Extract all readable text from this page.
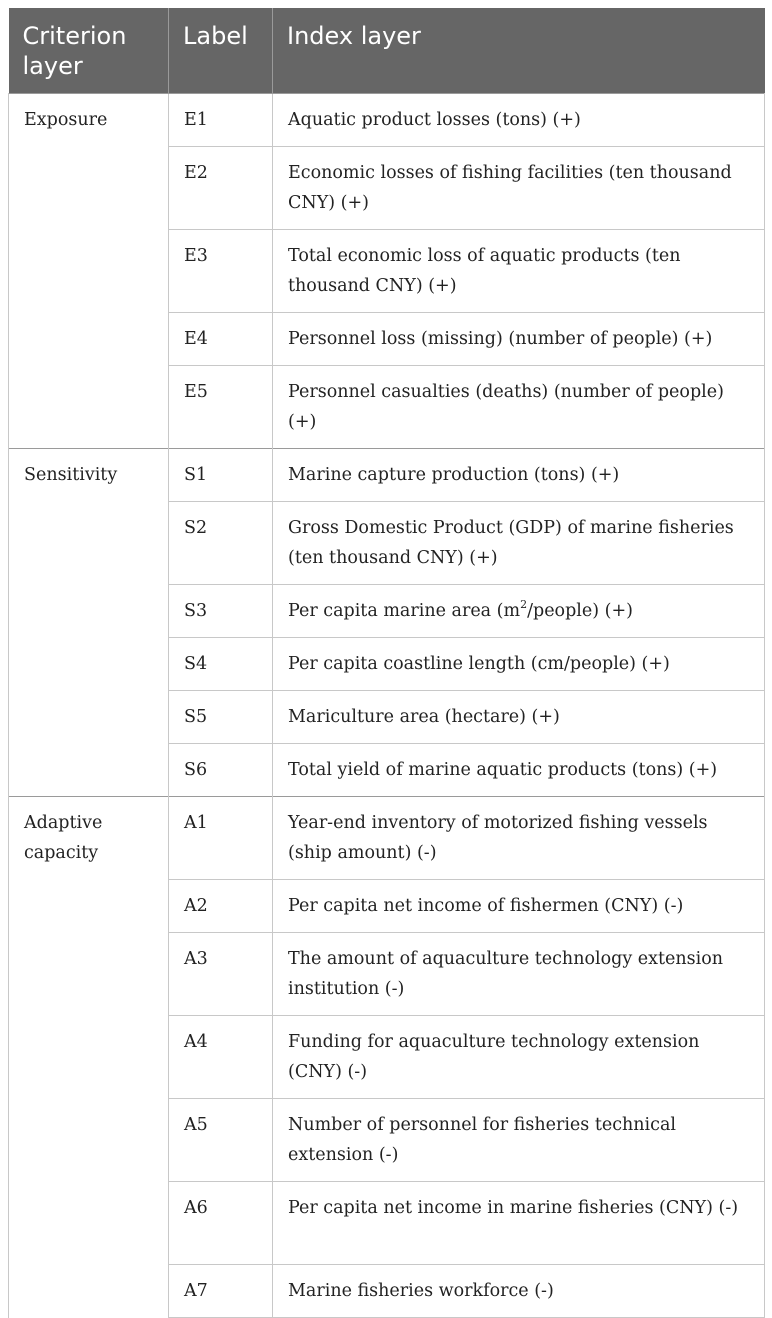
Criterion layer	Label	Index layer
Exposure	E1	Aquatic product losses (tons) (+)
	E2	Economic losses of fishing facilities (ten thousand CNY) (+)
	E3	Total economic loss of aquatic products (ten thousand CNY) (+)
	E4	Personnel loss (missing) (number of people) (+)
	E5	Personnel casualties (deaths) (number of people) (+)
Sensitivity	S1	Marine capture production (tons) (+)
	S2	Gross Domestic Product (GDP) of marine fisheries (ten thousand CNY) (+)
	S3	Per capita marine area $(m^2/people)$ (+)
	S4	Per capita coastline length (cm/people) (+)
	S5	Mariculture area (hectare) (+)
	S6	Total yield of marine aquatic products (tons) (+)
Adaptive capacity	A1	Year-end inventory of motorized fishing vessels (ship amount) (-)
	A2	Per capita net income of fishermen (CNY) (-)
	A3	The amount of aquaculture technology extension institution (-)
	A4	Funding for aquaculture technology extension (CNY) (-)
	A5	Number of personnel for fisheries technical extension (-)
	A6	Per capita net income in marine fisheries (CNY) (-)
	A7	Marine fisheries workforce (-)
